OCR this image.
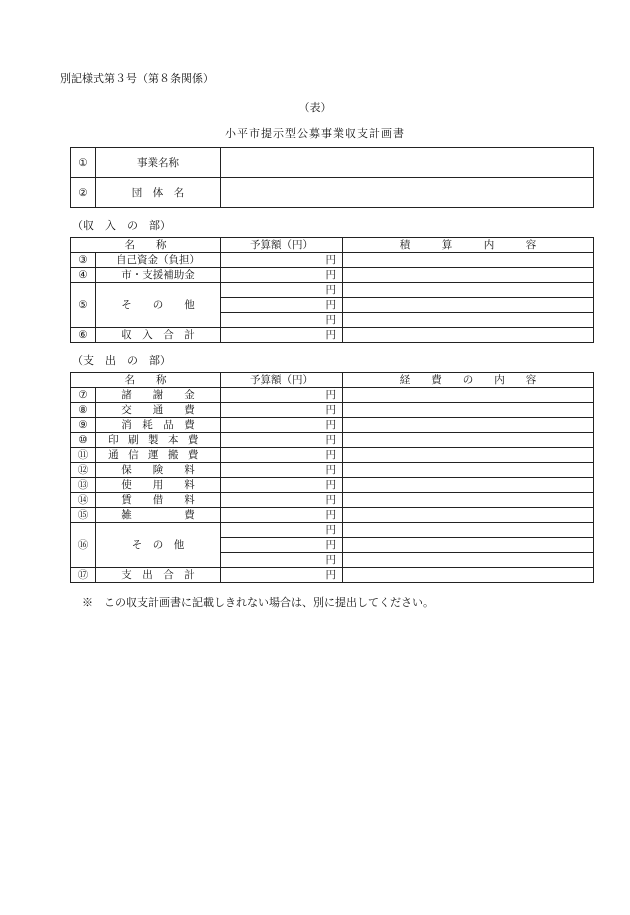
別記様式第３号（第８条関係）
（表）
小平市提示型公募事業収支計画書
①	事業名称	
②	団　体　名	
（収　入　の　部）
名　　称		予算額（円）	積　　　算　　　内　　　容
③	自己資金（負担）	円	
④	市・支援補助金	円	
⑤	そ　　の　　他	円	
		円	
		円	
⑥	収　入　合　計	円	
（支　出　の　部）
名　　称		予算額（円）	経　　費　　の　　内　　容
⑦	諸　　謝　　金	円	
⑧	交　　通　　費	円	
⑨	消　耗　品　費	円	
⑩	印刷製本費	円	
⑪	通信運搬費	円	
⑫	保　　険　　料	円	
⑬	使　　用　　料	円	
⑭	賃　　借　　料	円	
⑮	雑　　　　　費	円	
⑯	そ　の　他	円	
		円	
		円	
⑰	支　出　合　計	円	
※　この収支計画書に記載しきれない場合は、別に提出してください。
